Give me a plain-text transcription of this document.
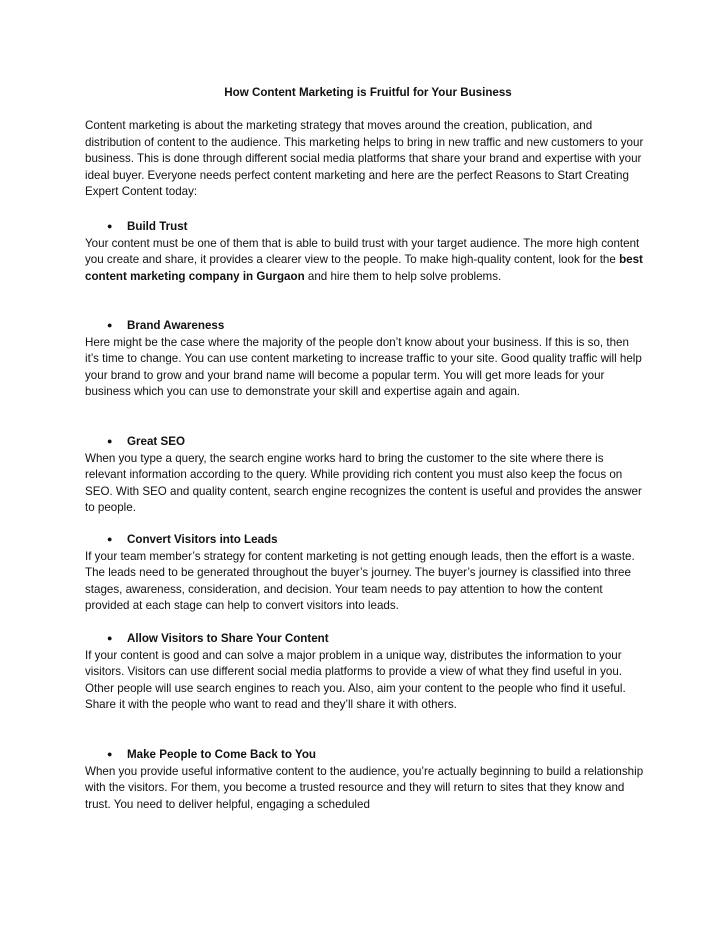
How Content Marketing is Fruitful for Your Business

Content marketing is about the marketing strategy that moves around the creation, publication, and distribution of content to the audience. This marketing helps to bring in new traffic and new customers to your business. This is done through different social media platforms that share your brand and expertise with your ideal buyer. Everyone needs perfect content marketing and here are the perfect Reasons to Start Creating Expert Content today:

● Build Trust

Your content must be one of them that is able to build trust with your target audience. The more high content you create and share, it provides a clearer view to the people. To make high-quality content, look for the best content marketing company in Gurgaon and hire them to help solve problems.

● Brand Awareness

Here might be the case where the majority of the people don’t know about your business. If this is so, then it’s time to change. You can use content marketing to increase traffic to your site. Good quality traffic will help your brand to grow and your brand name will become a popular term. You will get more leads for your business which you can use to demonstrate your skill and expertise again and again.

● Great SEO

When you type a query, the search engine works hard to bring the customer to the site where there is relevant information according to the query. While providing rich content you must also keep the focus on SEO. With SEO and quality content, search engine recognizes the content is useful and provides the answer to people.

● Convert Visitors into Leads

If your team member’s strategy for content marketing is not getting enough leads, then the effort is a waste. The leads need to be generated throughout the buyer’s journey. The buyer’s journey is classified into three stages, awareness, consideration, and decision. Your team needs to pay attention to how the content provided at each stage can help to convert visitors into leads.

● Allow Visitors to Share Your Content

If your content is good and can solve a major problem in a unique way, distributes the information to your visitors. Visitors can use different social media platforms to provide a view of what they find useful in you. Other people will use search engines to reach you. Also, aim your content to the people who find it useful. Share it with the people who want to read and they’ll share it with others.

● Make People to Come Back to You

When you provide useful informative content to the audience, you’re actually beginning to build a relationship with the visitors. For them, you become a trusted resource and they will return to sites that they know and trust. You need to deliver helpful, engaging a scheduled
